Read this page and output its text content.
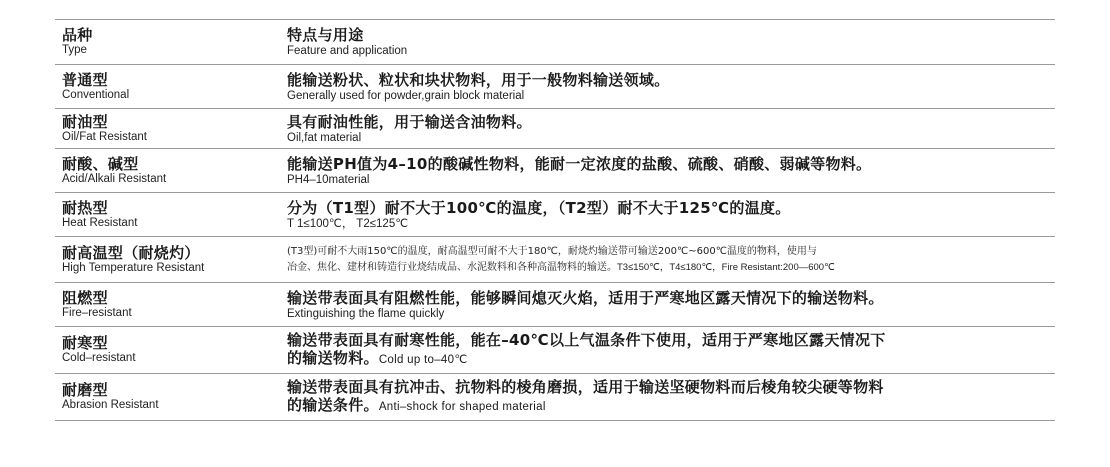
品种
Type
特点与用途
Feature and application
普通型
Conventional
能输送粉状、粒状和块状物料，用于一般物料输送领域。
Generally used for powder,grain block material
耐油型
Oil/Fat Resistant
具有耐油性能，用于输送含油物料。
Oil,fat material
耐酸、碱型
Acid/Alkali Resistant
能输送PH值为4–10的酸碱性物料，能耐一定浓度的盐酸、硫酸、硝酸、弱碱等物料。
PH4–10material
耐热型
Heat Resistant
分为（T1型）耐不大于100℃的温度，（T2型）耐不大于125℃的温度。
T 1≤100℃， T2≤125℃
耐高温型（耐烧灼）
High Temperature Resistant
(T3型)可耐不大雨150℃的温度，耐高温型可耐不大于180℃，耐烧灼输送带可输送200℃~600℃温度的物料，使用与
冶金、焦化、建材和铸造行业烧结成品、水泥数料和各种高温物料的输送。T3≤150℃，T4≤180℃，Fire Resistant:200—600℃
阻燃型
Fire–resistant
输送带表面具有阻燃性能，能够瞬间熄灭火焰，适用于严寒地区露天情况下的输送物料。
Extinguishing the flame quickly
耐寒型
Cold–resistant
输送带表面具有耐寒性能，能在–40℃以上气温条件下使用，适用于严寒地区露天情况下
的输送物料。Cold up to–40℃
耐磨型
Abrasion Resistant
输送带表面具有抗冲击、抗物料的棱角磨损，适用于输送坚硬物料而后棱角较尖硬等物料
的输送条件。Anti–shock for shaped material
